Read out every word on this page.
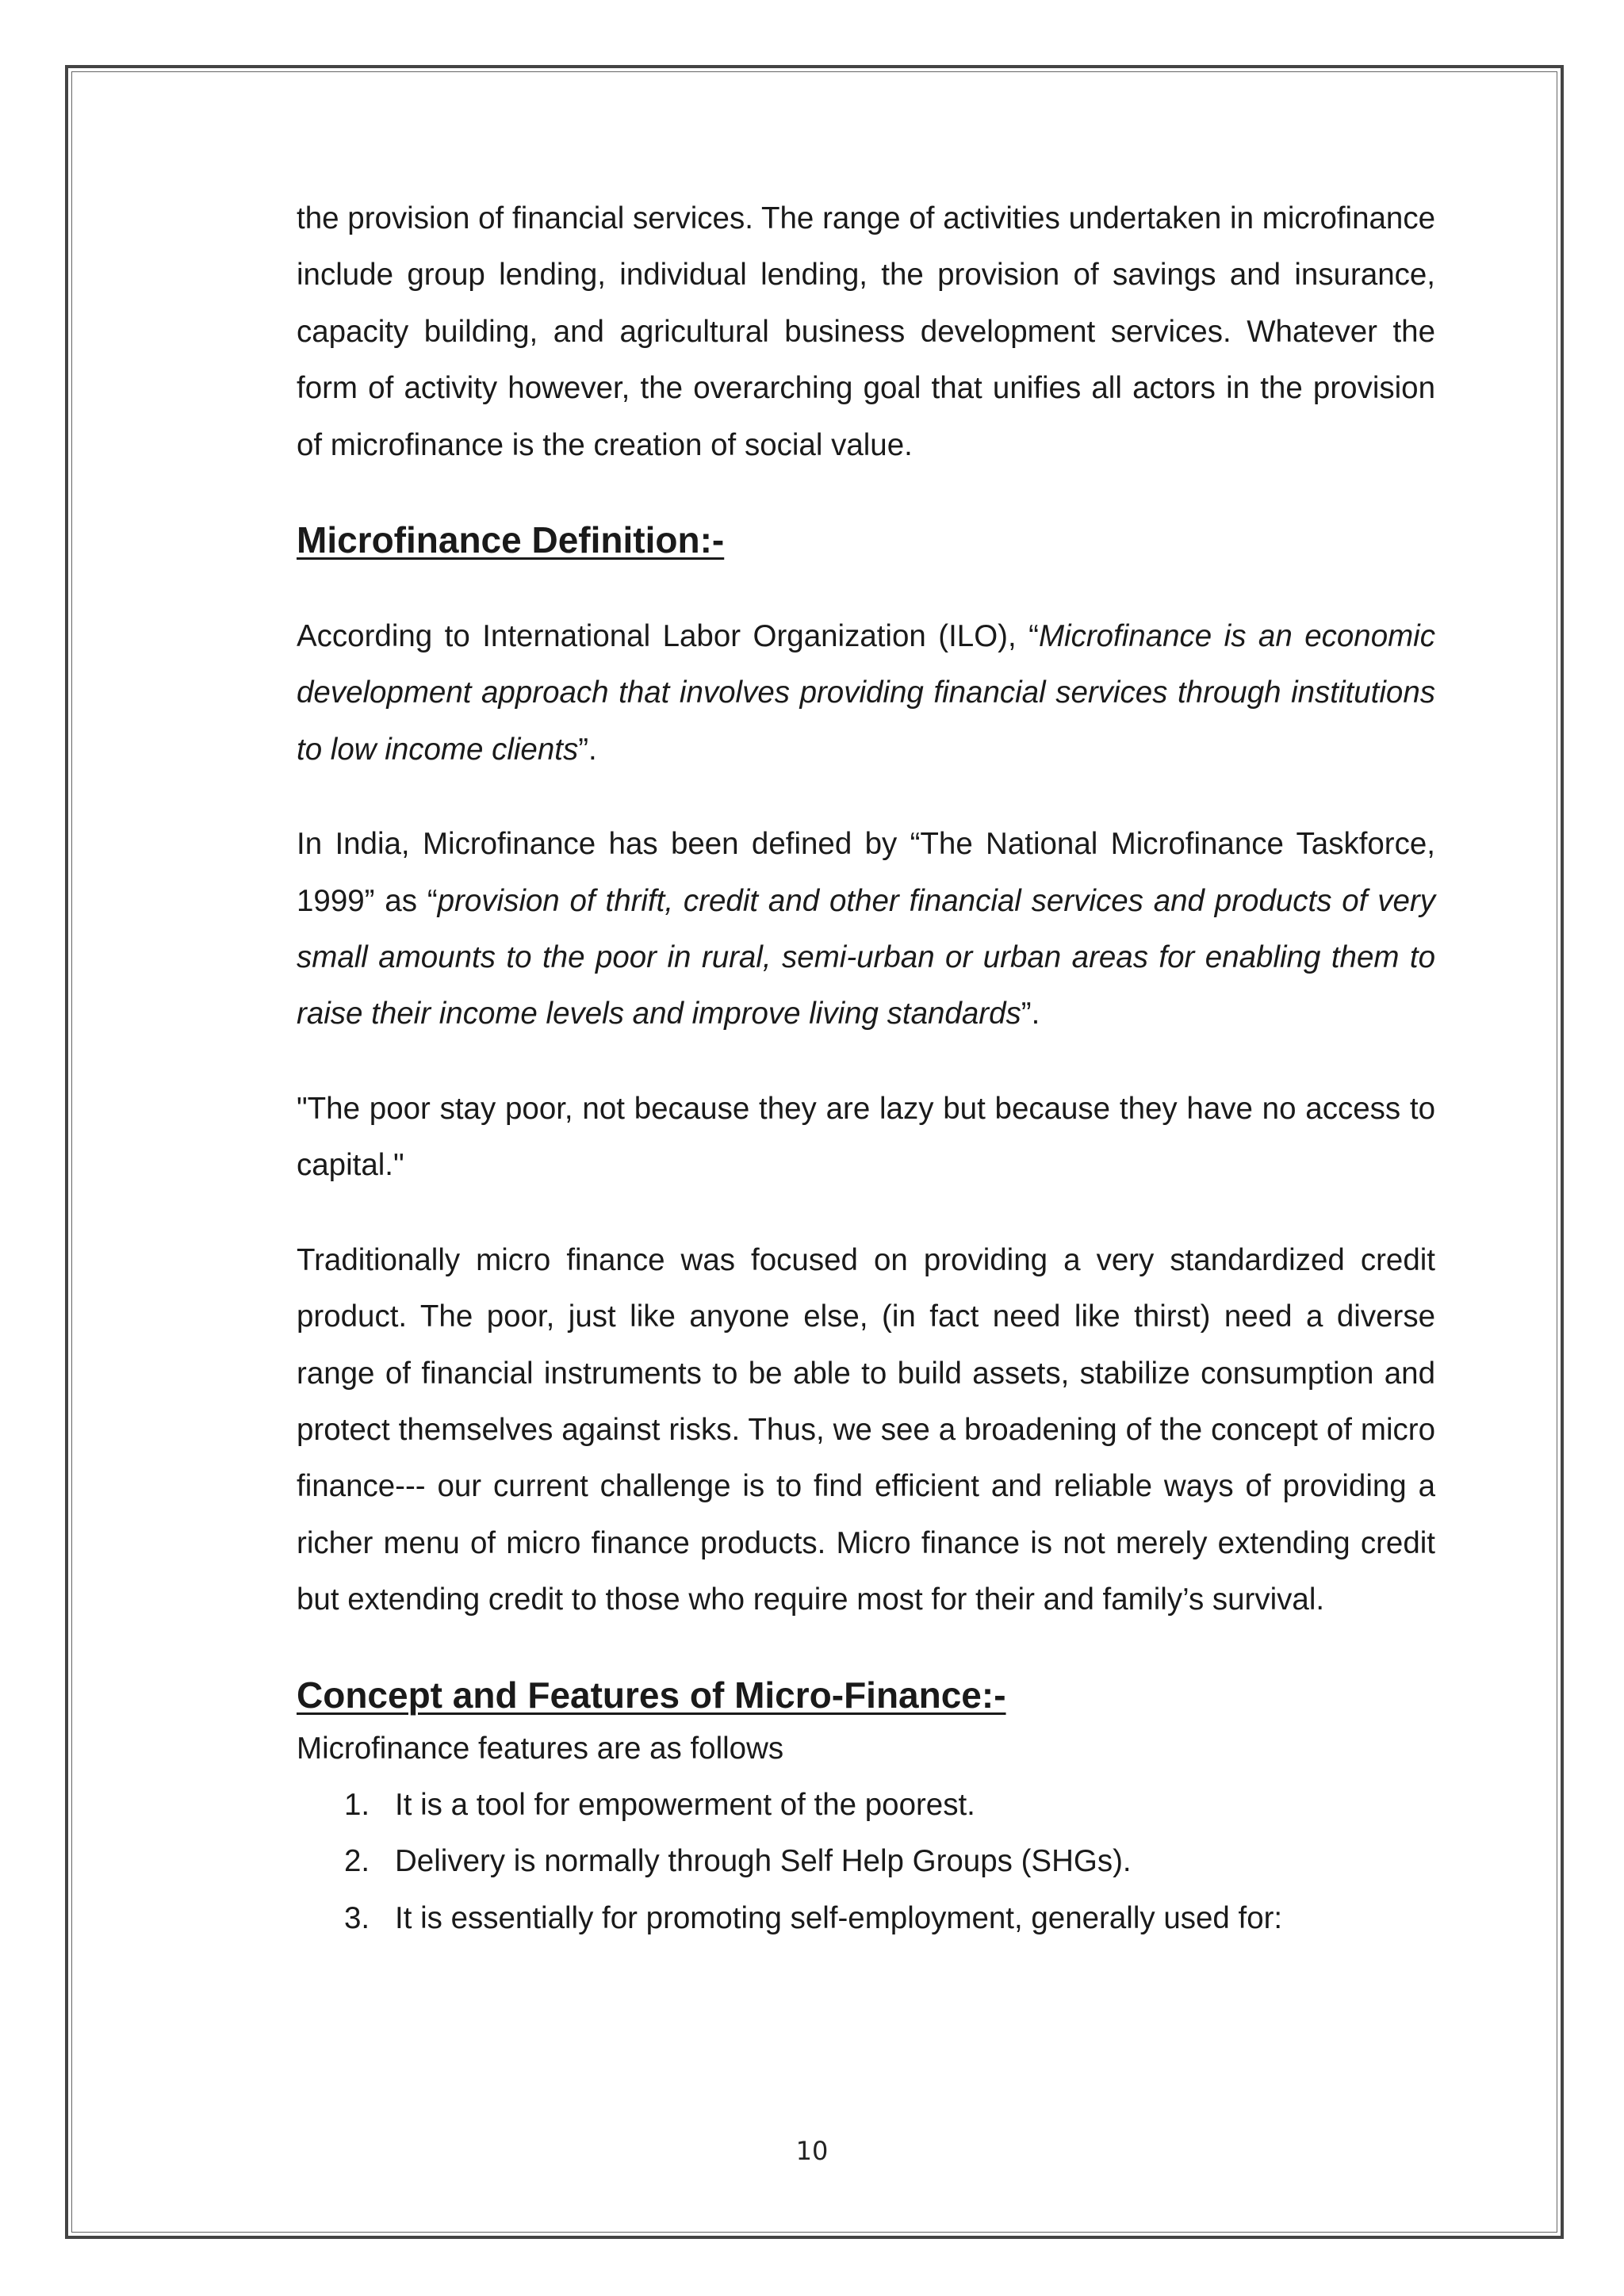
the provision of financial services. The range of activities undertaken in microfinance include group lending, individual lending, the provision of savings and insurance, capacity building, and agricultural business development services. Whatever the form of activity however, the overarching goal that unifies all actors in the provision of microfinance is the creation of social value.

Microfinance Definition:-

According to International Labor Organization (ILO), “Microfinance is an economic development approach that involves providing financial services through institutions to low income clients”.

In India, Microfinance has been defined by “The National Microfinance Taskforce, 1999” as “provision of thrift, credit and other financial services and products of very small amounts to the poor in rural, semi-urban or urban areas for enabling them to raise their income levels and improve living standards”.

"The poor stay poor, not because they are lazy but because they have no access to capital."

Traditionally micro finance was focused on providing a very standardized credit product. The poor, just like anyone else, (in fact need like thirst) need a diverse range of financial instruments to be able to build assets, stabilize consumption and protect themselves against risks. Thus, we see a broadening of the concept of micro finance--- our current challenge is to find efficient and reliable ways of providing a richer menu of micro finance products. Micro finance is not merely extending credit but extending credit to those who require most for their and family’s survival.

Concept and Features of Micro-Finance:-

Microfinance features are as follows

1. It is a tool for empowerment of the poorest.
2. Delivery is normally through Self Help Groups (SHGs).
3. It is essentially for promoting self-employment, generally used for:
10
